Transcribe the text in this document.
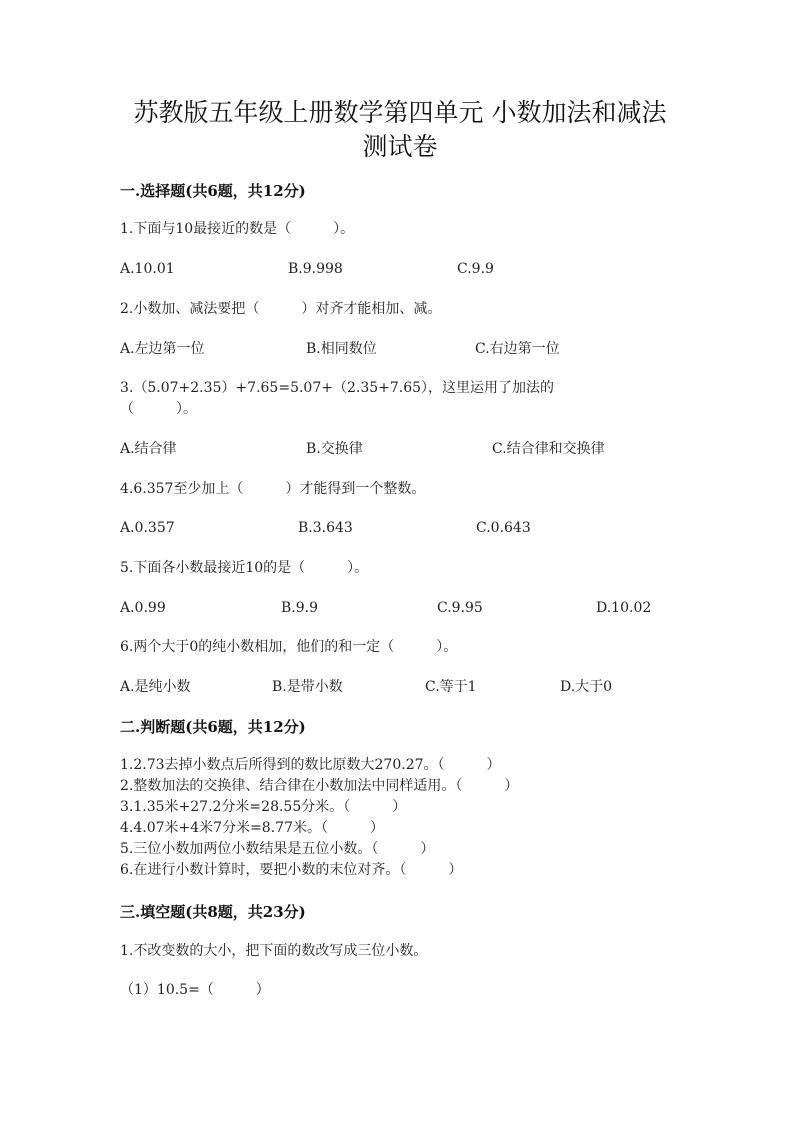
苏教版五年级上册数学第四单元 小数加法和减法
测试卷
一.选择题(共6题，共12分)
1.下面与10最接近的数是（　　　）。
A.10.01	B.9.998	C.9.9
2.小数加、减法要把（　　　）对齐才能相加、减。
A.左边第一位	B.相同数位	C.右边第一位
3.（5.07+2.35）+7.65=5.07+（2.35+7.65），这里运用了加法的
（　　　）。
A.结合律	B.交换律	C.结合律和交换律
4.6.357至少加上（　　　）才能得到一个整数。
A.0.357	B.3.643	C.0.643
5.下面各小数最接近10的是（　　　）。
A.0.99	B.9.9	C.9.95	D.10.02
6.两个大于0的纯小数相加，他们的和一定（　　　）。
A.是纯小数	B.是带小数	C.等于1	D.大于0
二.判断题(共6题，共12分)
1.2.73去掉小数点后所得到的数比原数大270.27。（　　　）
2.整数加法的交换律、结合律在小数加法中同样适用。（　　　）
3.1.35米+27.2分米=28.55分米。（　　　）
4.4.07米+4米7分米=8.77米。（　　　）
5.三位小数加两位小数结果是五位小数。（　　　）
6.在进行小数计算时，要把小数的末位对齐。（　　　）
三.填空题(共8题，共23分)
1.不改变数的大小，把下面的数改写成三位小数。
（1）10.5=（　　　）
